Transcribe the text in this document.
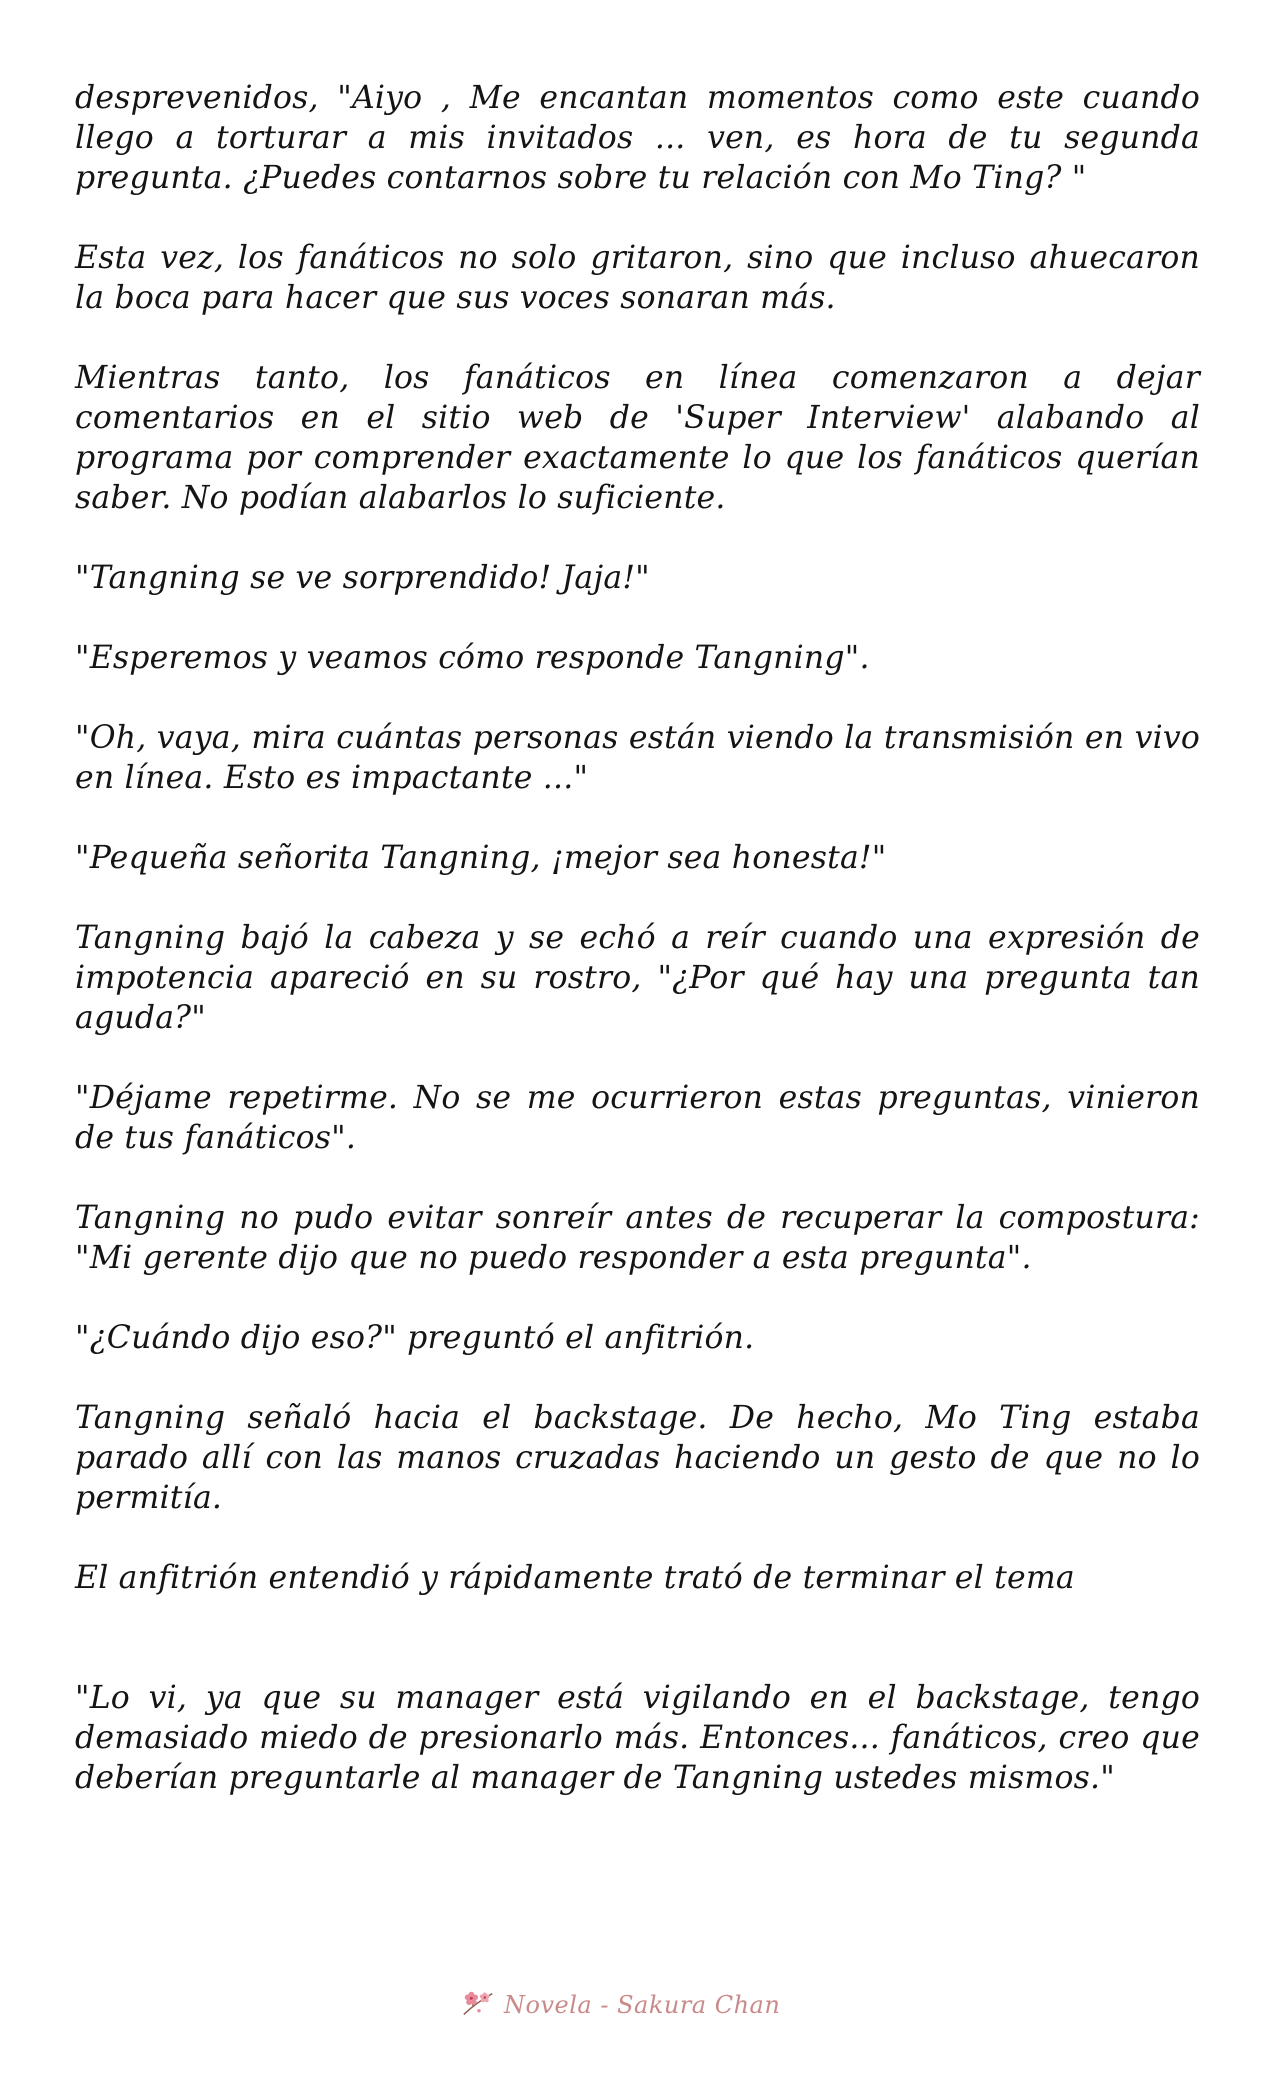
desprevenidos, "Aiyo , Me encantan momentos como este cuando llego a torturar a mis invitados ... ven, es hora de tu segunda pregunta. ¿Puedes contarnos sobre tu relación con Mo Ting? "

Esta vez, los fanáticos no solo gritaron, sino que incluso ahuecaron la boca para hacer que sus voces sonaran más.

Mientras tanto, los fanáticos en línea comenzaron a dejar comentarios en el sitio web de 'Super Interview' alabando al programa por comprender exactamente lo que los fanáticos querían saber. No podían alabarlos lo suficiente.

"Tangning se ve sorprendido! Jaja!"

"Esperemos y veamos cómo responde Tangning".

"Oh, vaya, mira cuántas personas están viendo la transmisión en vivo en línea. Esto es impactante ..."

"Pequeña señorita Tangning, ¡mejor sea honesta!"

Tangning bajó la cabeza y se echó a reír cuando una expresión de impotencia apareció en su rostro, "¿Por qué hay una pregunta tan aguda?"

"Déjame repetirme. No se me ocurrieron estas preguntas, vinieron de tus fanáticos".

Tangning no pudo evitar sonreír antes de recuperar la compostura: "Mi gerente dijo que no puedo responder a esta pregunta".

"¿Cuándo dijo eso?" preguntó el anfitrión.

Tangning señaló hacia el backstage. De hecho, Mo Ting estaba parado allí con las manos cruzadas haciendo un gesto de que no lo permitía.

El anfitrión entendió y rápidamente trató de terminar el tema

"Lo vi, ya que su manager está vigilando en el backstage, tengo demasiado miedo de presionarlo más. Entonces... fanáticos, creo que deberían preguntarle al manager de Tangning ustedes mismos."

Novela - Sakura Chan
